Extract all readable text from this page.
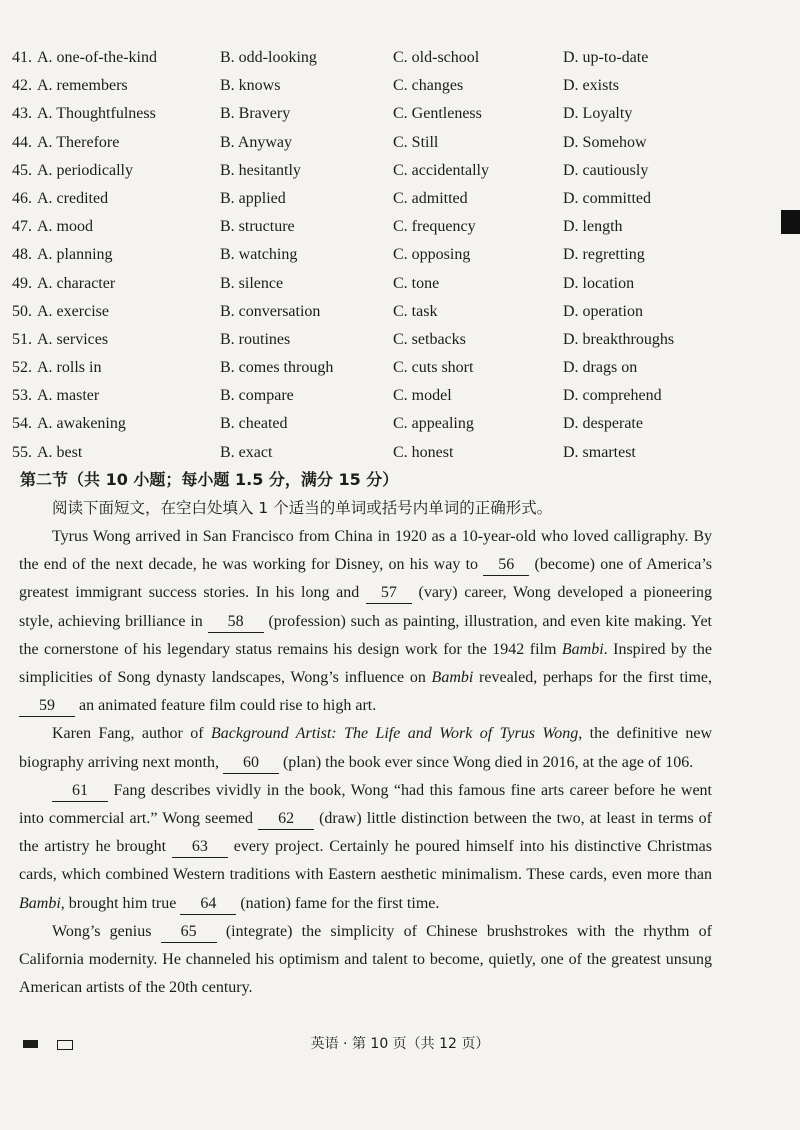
41. A. one-of-the-kind	B. odd-looking	C. old-school	D. up-to-date
42. A. remembers	B. knows	C. changes	D. exists
43. A. Thoughtfulness	B. Bravery	C. Gentleness	D. Loyalty
44. A. Therefore	B. Anyway	C. Still	D. Somehow
45. A. periodically	B. hesitantly	C. accidentally	D. cautiously
46. A. credited	B. applied	C. admitted	D. committed
47. A. mood	B. structure	C. frequency	D. length
48. A. planning	B. watching	C. opposing	D. regretting
49. A. character	B. silence	C. tone	D. location
50. A. exercise	B. conversation	C. task	D. operation
51. A. services	B. routines	C. setbacks	D. breakthroughs
52. A. rolls in	B. comes through	C. cuts short	D. drags on
53. A. master	B. compare	C. model	D. comprehend
54. A. awakening	B. cheated	C. appealing	D. desperate
55. A. best	B. exact	C. honest	D. smartest
第二节（共 10 小题；每小题 1.5 分，满分 15 分）
阅读下面短文，在空白处填入 1 个适当的单词或括号内单词的正确形式。

Tyrus Wong arrived in San Francisco from China in 1920 as a 10-year-old who loved calligraphy. By the end of the next decade, he was working for Disney, on his way to 56 (become) one of America’s greatest immigrant success stories. In his long and 57 (vary) career, Wong developed a pioneering style, achieving brilliance in 58 (profession) such as painting, illustration, and even kite making. Yet the cornerstone of his legendary status remains his design work for the 1942 film Bambi. Inspired by the simplicities of Song dynasty landscapes, Wong’s influence on Bambi revealed, perhaps for the first time, 59 an animated feature film could rise to high art.

Karen Fang, author of Background Artist: The Life and Work of Tyrus Wong, the definitive new biography arriving next month, 60 (plan) the book ever since Wong died in 2016, at the age of 106.

61 Fang describes vividly in the book, Wong “had this famous fine arts career before he went into commercial art.” Wong seemed 62 (draw) little distinction between the two, at least in terms of the artistry he brought 63 every project. Certainly he poured himself into his distinctive Christmas cards, which combined Western traditions with Eastern aesthetic minimalism. These cards, even more than Bambi, brought him true 64 (nation) fame for the first time.

Wong’s genius 65 (integrate) the simplicity of Chinese brushstrokes with the rhythm of California modernity. He channeled his optimism and talent to become, quietly, one of the greatest unsung American artists of the 20th century.

英语 · 第 10 页（共 12 页）
